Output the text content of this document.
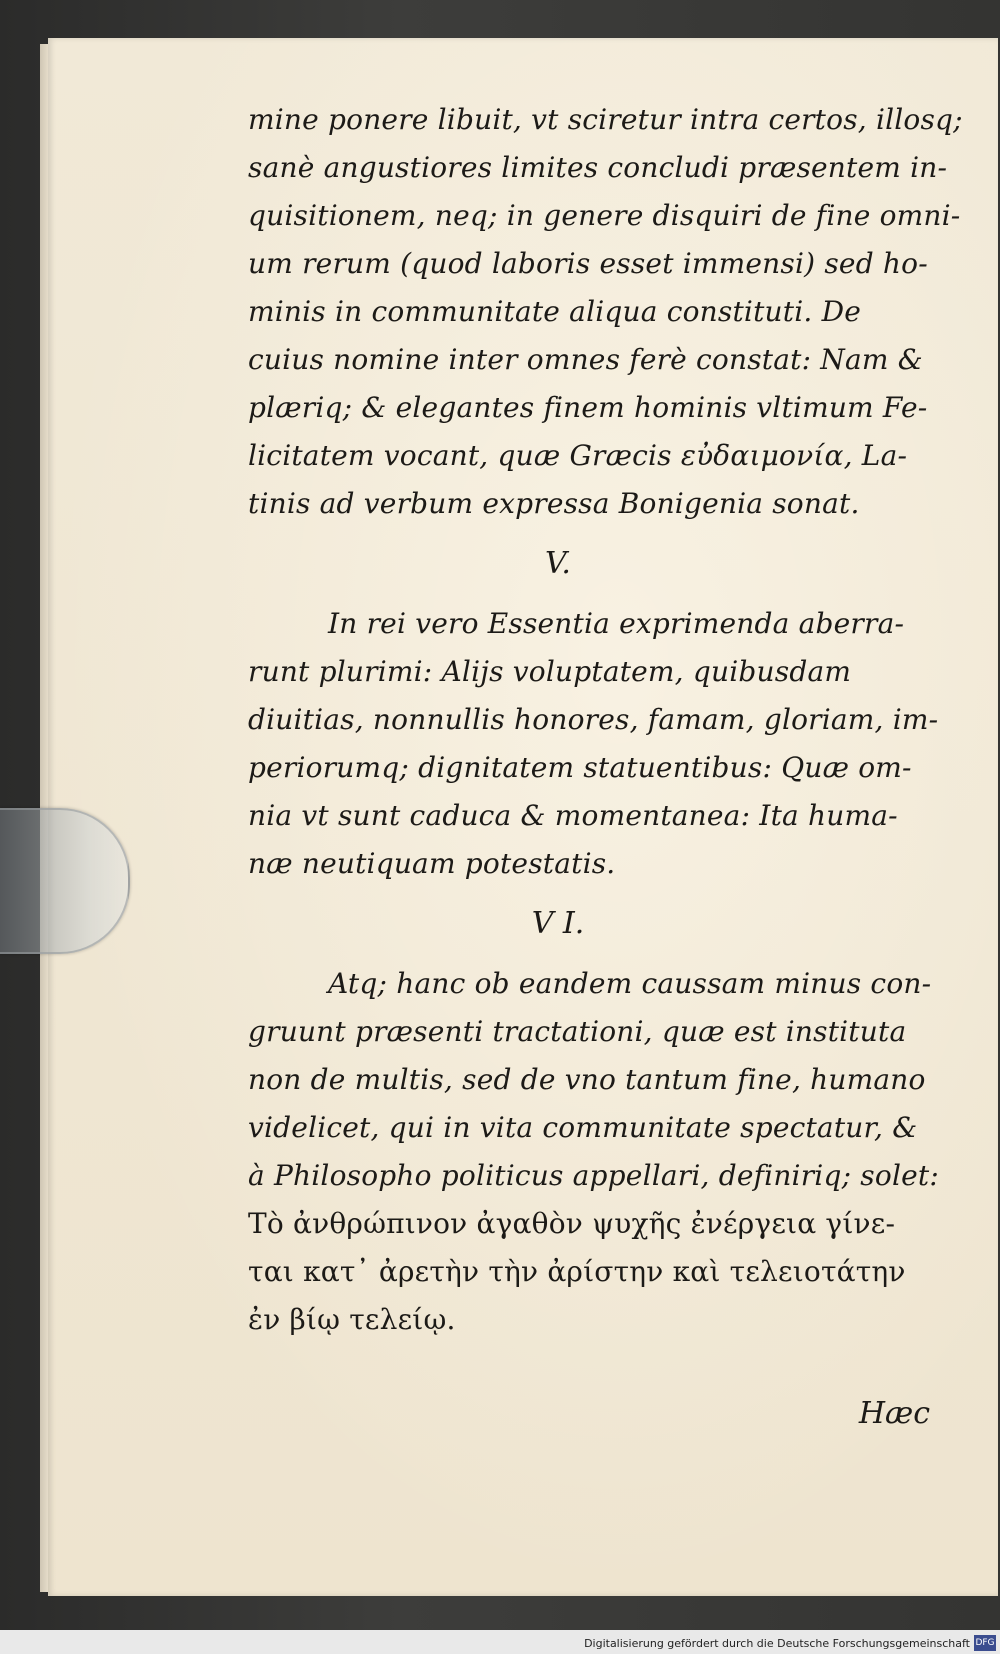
mine ponere libuit, vt sciretur intra certos, illosq;
sanè angustiores limites concludi præsentem in-
quisitionem, neq; in genere disquiri de fine omni-
um rerum (quod laboris esset immensi) sed ho-
minis in communitate aliqua constituti. De
cuius nomine inter omnes ferè constat: Nam &
plæriq; & elegantes finem hominis vltimum Fe-
licitatem vocant, quæ Græcis εὐδαιμονία, La-
tinis ad verbum expressa Bonigenia sonat.
V.
In rei vero Essentia exprimenda aberra-
runt plurimi: Alijs voluptatem, quibusdam
diuitias, nonnullis honores, famam, gloriam, im-
periorumq; dignitatem statuentibus: Quæ om-
nia vt sunt caduca & momentanea: Ita huma-
næ neutiquam potestatis.
V I.
Atq; hanc ob eandem caussam minus con-
gruunt præsenti tractationi, quæ est instituta
non de multis, sed de vno tantum fine, humano
videlicet, qui in vita communitate spectatur, &
à Philosopho politicus appellari, definiriq; solet:
Τὸ ἀνθρώπινον ἀγαθὸν ψυχῆς ἐνέργεια γίνε-
ται κατ᾽ ἀρετὴν τὴν ἀρίστην καὶ τελειοτάτην
ἐν βίῳ τελείῳ.
Hæc
Digitalisierung gefördert durch die Deutsche Forschungsgemeinschaft DFG
